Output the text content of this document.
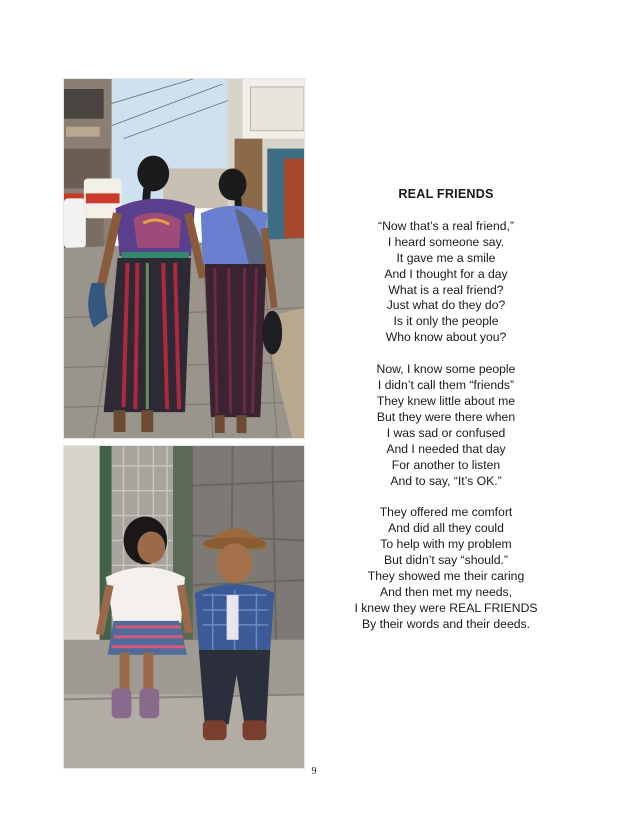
REAL FRIENDS
“Now that’s a real friend,”
I heard someone say.
It gave me a smile
And I thought for a day
What is a real friend?
Just what do they do?
Is it only the people
Who know about you?
Now, I know some people
I didn’t call them “friends”
They knew little about me
But they were there when
I was sad or confused
And I needed that day
For another to listen
And to say, “It’s OK.”
They offered me comfort
And did all they could
To help with my problem
But didn’t say “should.”
They showed me their caring
And then met my needs,
I knew they were REAL FRIENDS
By their words and their deeds.
9
